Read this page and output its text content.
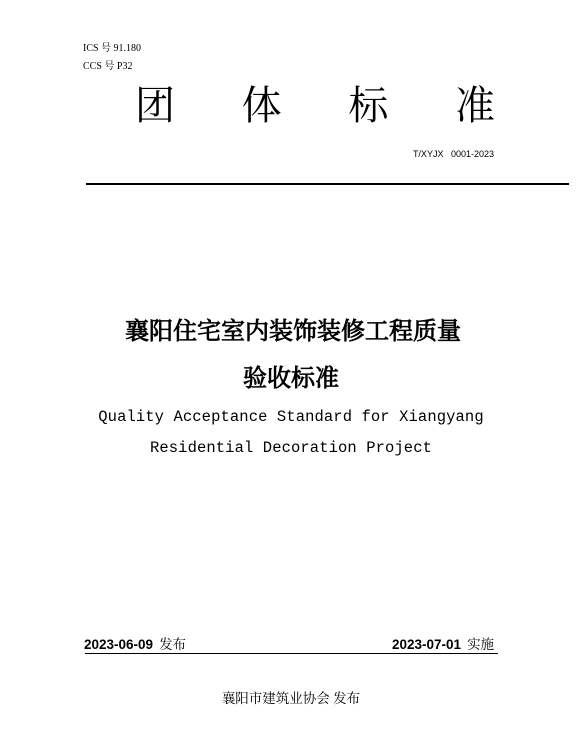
ICS 号 91.180
CCS 号 P32
团 体 标 准
T/XYJX   0001-2023
襄阳住宅室内装饰装修工程质量
验收标准
Quality Acceptance Standard for Xiangyang
Residential Decoration Project
2023-06-09 发布	2023-07-01 实施
襄阳市建筑业协会 发布
